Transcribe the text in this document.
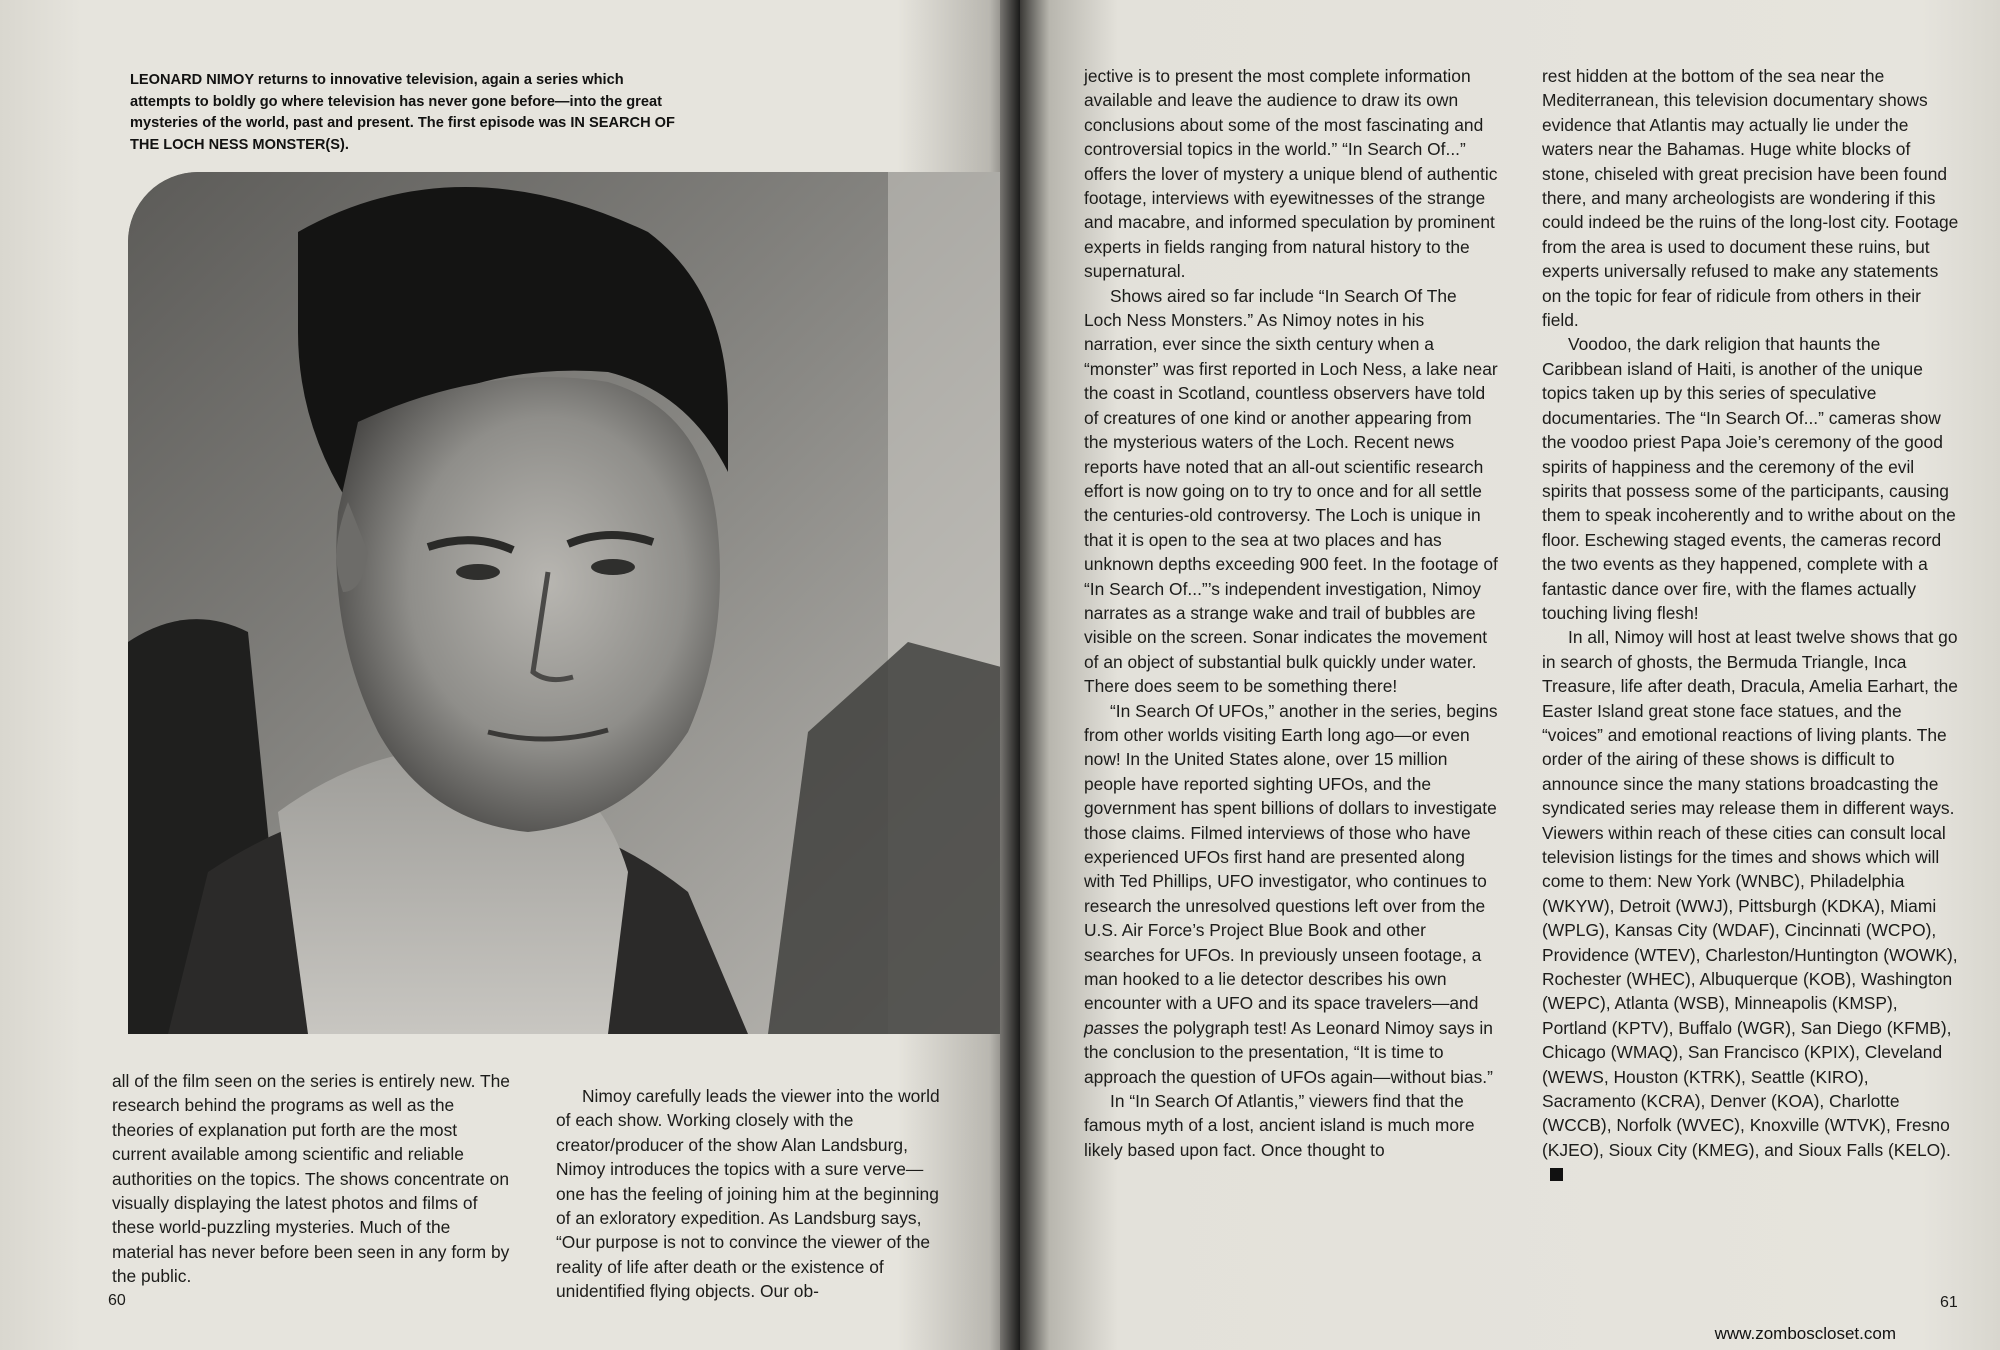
LEONARD NIMOY returns to innovative television, again a series which attempts to boldly go where television has never gone before—into the great mysteries of the world, past and present. The first episode was IN SEARCH OF THE LOCH NESS MONSTER(S).

all of the film seen on the series is entirely new. The research behind the programs as well as the theories of explanation put forth are the most current available among scientific and reliable authorities on the topics. The shows concentrate on visually displaying the latest photos and films of these world-puzzling mysteries. Much of the material has never before been seen in any form by the public.

Nimoy carefully leads the viewer into the world of each show. Working closely with the creator/producer of the show Alan Landsburg, Nimoy introduces the topics with a sure verve—one has the feeling of joining him at the beginning of an exloratory expedition. As Landsburg says, “Our purpose is not to convince the viewer of the reality of life after death or the existence of unidentified flying objects. Our ob-

60

jective is to present the most complete information available and leave the audience to draw its own conclusions about some of the most fascinating and controversial topics in the world.” “In Search Of...” offers the lover of mystery a unique blend of authentic footage, interviews with eyewitnesses of the strange and macabre, and informed speculation by prominent experts in fields ranging from natural history to the supernatural.

Shows aired so far include “In Search Of The Loch Ness Monsters.” As Nimoy notes in his narration, ever since the sixth century when a “monster” was first reported in Loch Ness, a lake near the coast in Scotland, countless observers have told of creatures of one kind or another appearing from the mysterious waters of the Loch. Recent news reports have noted that an all-out scientific research effort is now going on to try to once and for all settle the centuries-old controversy. The Loch is unique in that it is open to the sea at two places and has unknown depths exceeding 900 feet. In the footage of “In Search Of...”’s independent investigation, Nimoy narrates as a strange wake and trail of bubbles are visible on the screen. Sonar indicates the movement of an object of substantial bulk quickly under water. There does seem to be something there!

“In Search Of UFOs,” another in the series, begins from other worlds visiting Earth long ago—or even now! In the United States alone, over 15 million people have reported sighting UFOs, and the government has spent billions of dollars to investigate those claims. Filmed interviews of those who have experienced UFOs first hand are presented along with Ted Phillips, UFO investigator, who continues to research the unresolved questions left over from the U.S. Air Force’s Project Blue Book and other searches for UFOs. In previously unseen footage, a man hooked to a lie detector describes his own encounter with a UFO and its space travelers—and passes the polygraph test! As Leonard Nimoy says in the conclusion to the presentation, “It is time to approach the question of UFOs again—without bias.”

In “In Search Of Atlantis,” viewers find that the famous myth of a lost, ancient island is much more likely based upon fact. Once thought to

rest hidden at the bottom of the sea near the Mediterranean, this television documentary shows evidence that Atlantis may actually lie under the waters near the Bahamas. Huge white blocks of stone, chiseled with great precision have been found there, and many archeologists are wondering if this could indeed be the ruins of the long-lost city. Footage from the area is used to document these ruins, but experts universally refused to make any statements on the topic for fear of ridicule from others in their field.

Voodoo, the dark religion that haunts the Caribbean island of Haiti, is another of the unique topics taken up by this series of speculative documentaries. The “In Search Of...” cameras show the voodoo priest Papa Joie’s ceremony of the good spirits of happiness and the ceremony of the evil spirits that possess some of the participants, causing them to speak incoherently and to writhe about on the floor. Eschewing staged events, the cameras record the two events as they happened, complete with a fantastic dance over fire, with the flames actually touching living flesh!

In all, Nimoy will host at least twelve shows that go in search of ghosts, the Bermuda Triangle, Inca Treasure, life after death, Dracula, Amelia Earhart, the Easter Island great stone face statues, and the “voices” and emotional reactions of living plants. The order of the airing of these shows is difficult to announce since the many stations broadcasting the syndicated series may release them in different ways. Viewers within reach of these cities can consult local television listings for the times and shows which will come to them: New York (WNBC), Philadelphia (WKYW), Detroit (WWJ), Pittsburgh (KDKA), Miami (WPLG), Kansas City (WDAF), Cincinnati (WCPO), Providence (WTEV), Charleston/Huntington (WOWK), Rochester (WHEC), Albuquerque (KOB), Washington (WEPC), Atlanta (WSB), Minneapolis (KMSP), Portland (KPTV), Buffalo (WGR), San Diego (KFMB), Chicago (WMAQ), San Francisco (KPIX), Cleveland (WEWS, Houston (KTRK), Seattle (KIRO), Sacramento (KCRA), Denver (KOA), Charlotte (WCCB), Norfolk (WVEC), Knoxville (WTVK), Fresno (KJEO), Sioux City (KMEG), and Sioux Falls (KELO).

61
www.zomboscloset.com
